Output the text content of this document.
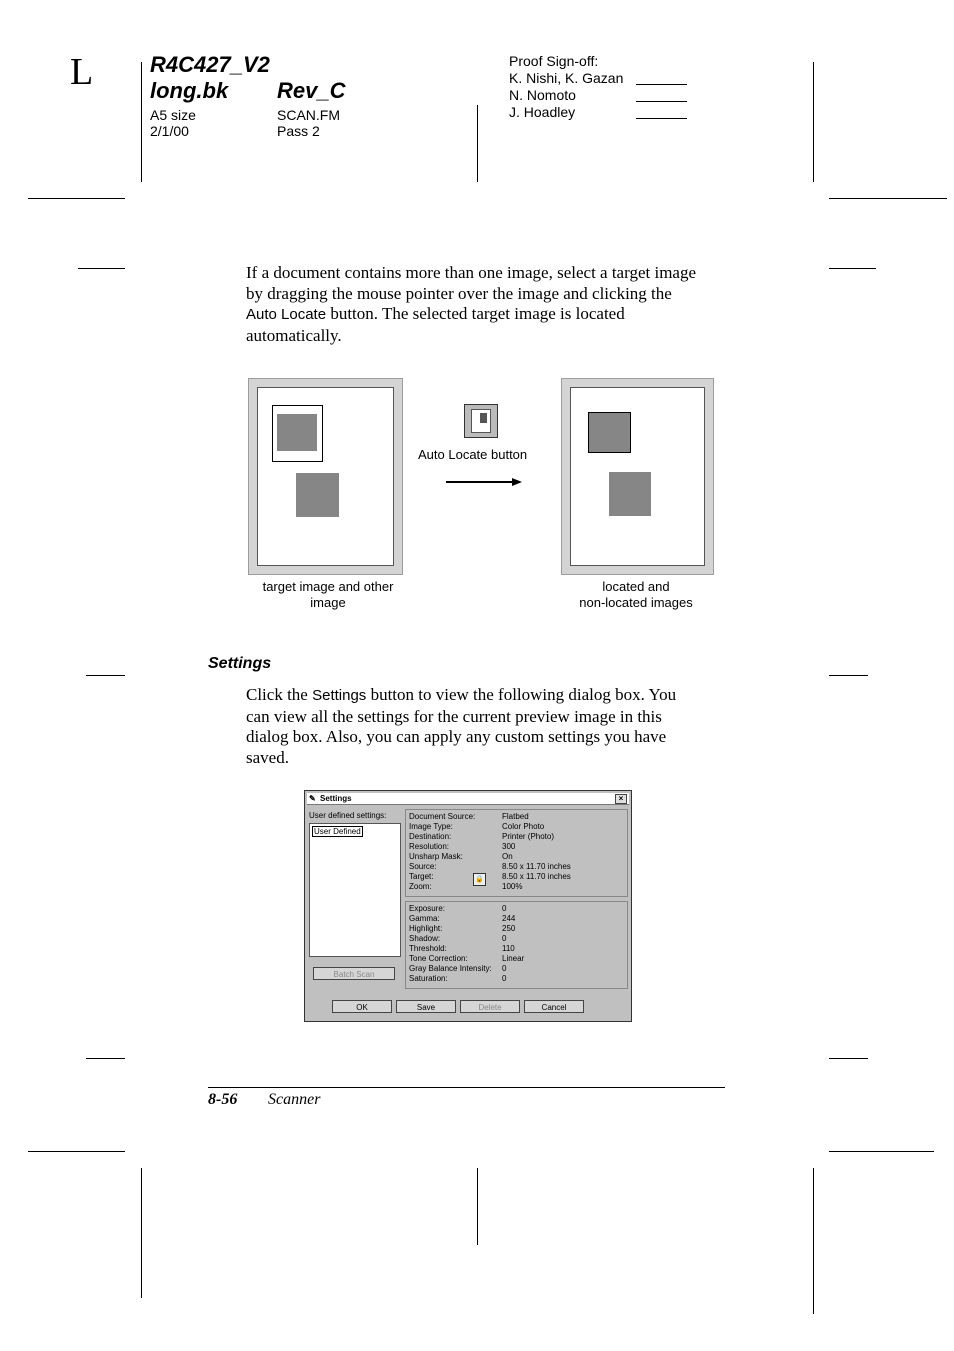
L	R4C427_V2
long.bk Rev_C
A5 size
2/1/00
SCAN.FM
Pass 2
Proof Sign-off:
K. Nishi, K. Gazan
N. Nomoto
J. Hoadley
If a document contains more than one image, select a target image
by dragging the mouse pointer over the image and clicking the
Auto Locate button. The selected target image is located
automatically.
Auto Locate button
target image and other
image
located and
non-located images
Settings
Click the Settings button to view the following dialog box. You
can view all the settings for the current preview image in this
dialog box. Also, you can apply any custom settings you have
saved.
✎ Settings	×
User defined settings:
User Defined
Batch Scan
Document Source:	Flatbed
Image Type:	Color Photo
Destination:	Printer (Photo)
Resolution:	300
Unsharp Mask:	On
Source:	8.50 x 11.70 inches
Target:	8.50 x 11.70 inches
Zoom:	100%
🔒
Exposure:	0
Gamma:	244
Highlight:	250
Shadow:	0
Threshold:	110
Tone Correction:	Linear
Gray Balance Intensity: 0
Saturation:	0
OK	Save	Delete	Cancel
8-56 Scanner
